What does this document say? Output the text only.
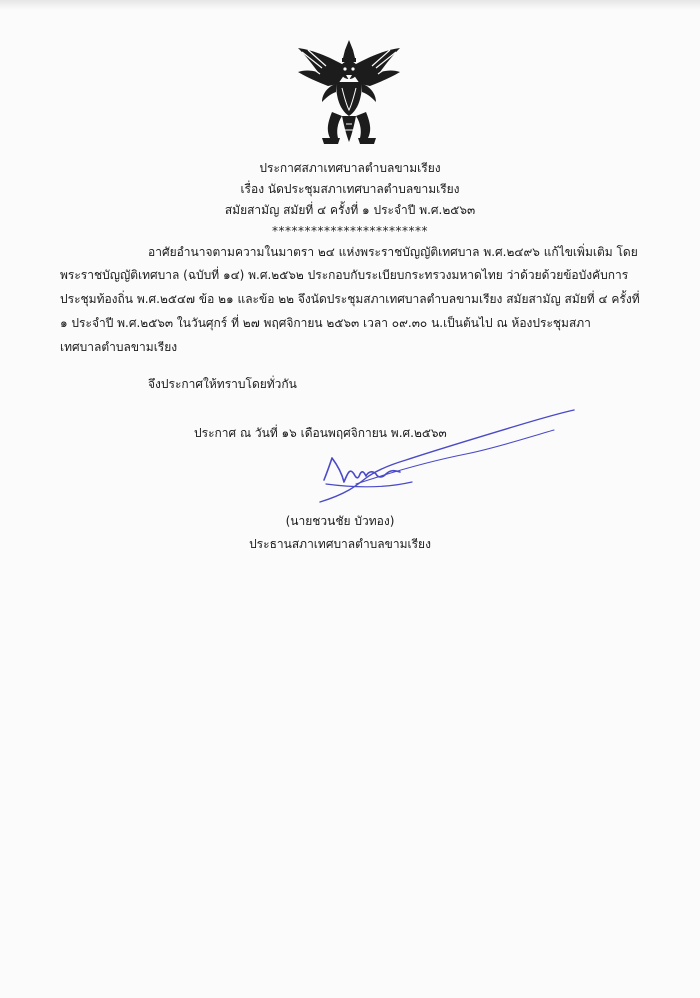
ประกาศสภาเทศบาลตำบลขามเรียง
เรื่อง นัดประชุมสภาเทศบาลตำบลขามเรียง
สมัยสามัญ สมัยที่ ๔ ครั้งที่ ๑ ประจำปี พ.ศ.๒๕๖๓
************************
อาศัยอำนาจตามความในมาตรา ๒๔ แห่งพระราชบัญญัติเทศบาล พ.ศ.๒๔๙๖ แก้ไขเพิ่มเติม โดย
พระราชบัญญัติเทศบาล (ฉบับที่ ๑๔) พ.ศ.๒๕๖๒ ประกอบกับระเบียบกระทรวงมหาดไทย ว่าด้วยด้วยข้อบังคับการ
ประชุมท้องถิ่น พ.ศ.๒๕๔๗ ข้อ ๒๑ และข้อ ๒๒ จึงนัดประชุมสภาเทศบาลตำบลขามเรียง สมัยสามัญ สมัยที่ ๔ ครั้งที่
๑ ประจำปี พ.ศ.๒๕๖๓ ในวันศุกร์ ที่ ๒๗ พฤศจิกายน ๒๕๖๓ เวลา ๐๙.๓๐ น.เป็นต้นไป ณ ห้องประชุมสภา
เทศบาลตำบลขามเรียง
จึงประกาศให้ทราบโดยทั่วกัน
ประกาศ ณ วันที่ ๑๖ เดือนพฤศจิกายน พ.ศ.๒๕๖๓
(นายชวนชัย บัวทอง)
ประธานสภาเทศบาลตำบลขามเรียง
